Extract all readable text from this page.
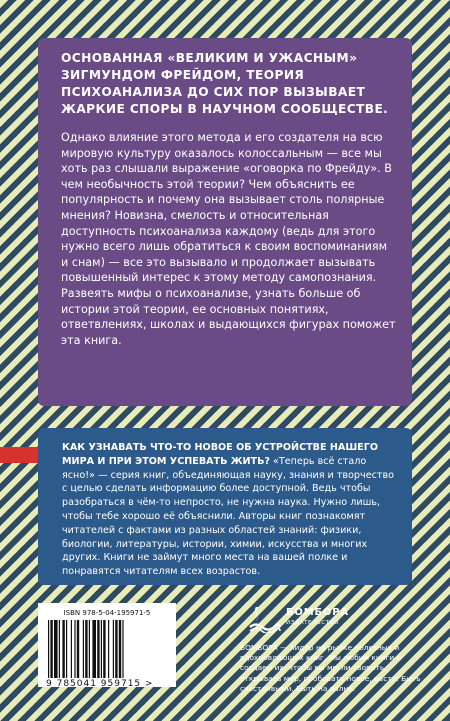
ОСНОВАННАЯ «ВЕЛИКИМ И УЖАСНЫМ» ЗИГМУНДОМ ФРЕЙДОМ, ТЕОРИЯ ПСИХОАНАЛИЗА ДО СИХ ПОР ВЫЗЫВАЕТ ЖАРКИЕ СПОРЫ В НАУЧНОМ СООБЩЕСТВЕ.

Однако влияние этого метода и его создателя на всю мировую культуру оказалось колоссальным — все мы хоть раз слышали выражение «оговорка по Фрейду». В чем необычность этой теории? Чем объяснить ее популярность и почему она вызывает столь полярные мнения? Новизна, смелость и относительная доступность психоанализа каждому (ведь для этого нужно всего лишь обратиться к своим воспоминаниям и снам) — все это вызывало и продолжает вызывать повышенный интерес к этому методу самопознания.

Развеять мифы о психоанализе, узнать больше об истории этой теории, ее основных понятиях, ответвлениях, школах и выдающихся фигурах поможет эта книга.

КАК УЗНАВАТЬ ЧТО-ТО НОВОЕ ОБ УСТРОЙСТВЕ НАШЕГО МИРА И ПРИ ЭТОМ УСПЕВАТЬ ЖИТЬ? «Теперь всё стало ясно!» — серия книг, объединяющая науку, знания и творчество с целью сделать информацию более доступной. Ведь чтобы разобраться в чём-то непросто, не нужна наука. Нужно лишь, чтобы тебе хорошо её объяснили. Авторы книг познакомят читателей с фактами из разных областей знаний: физики, биологии, литературы, истории, химии, искусства и многих других. Книги не займут много места на вашей полке и понравятся читателям всех возрастов.
ISBN 978-5-04-195971-5
9 785041 959715 >
БОМБОРА
ИЗДАТЕЛЬСТВО
БОМБОРА — лидер на рынке полезных и вдохновляющих книг. Мы любим книги и создаем их, чтобы вы могли творить, открывать мир, пробовать новое, расти. Быть счастливыми. Быть на волне.
